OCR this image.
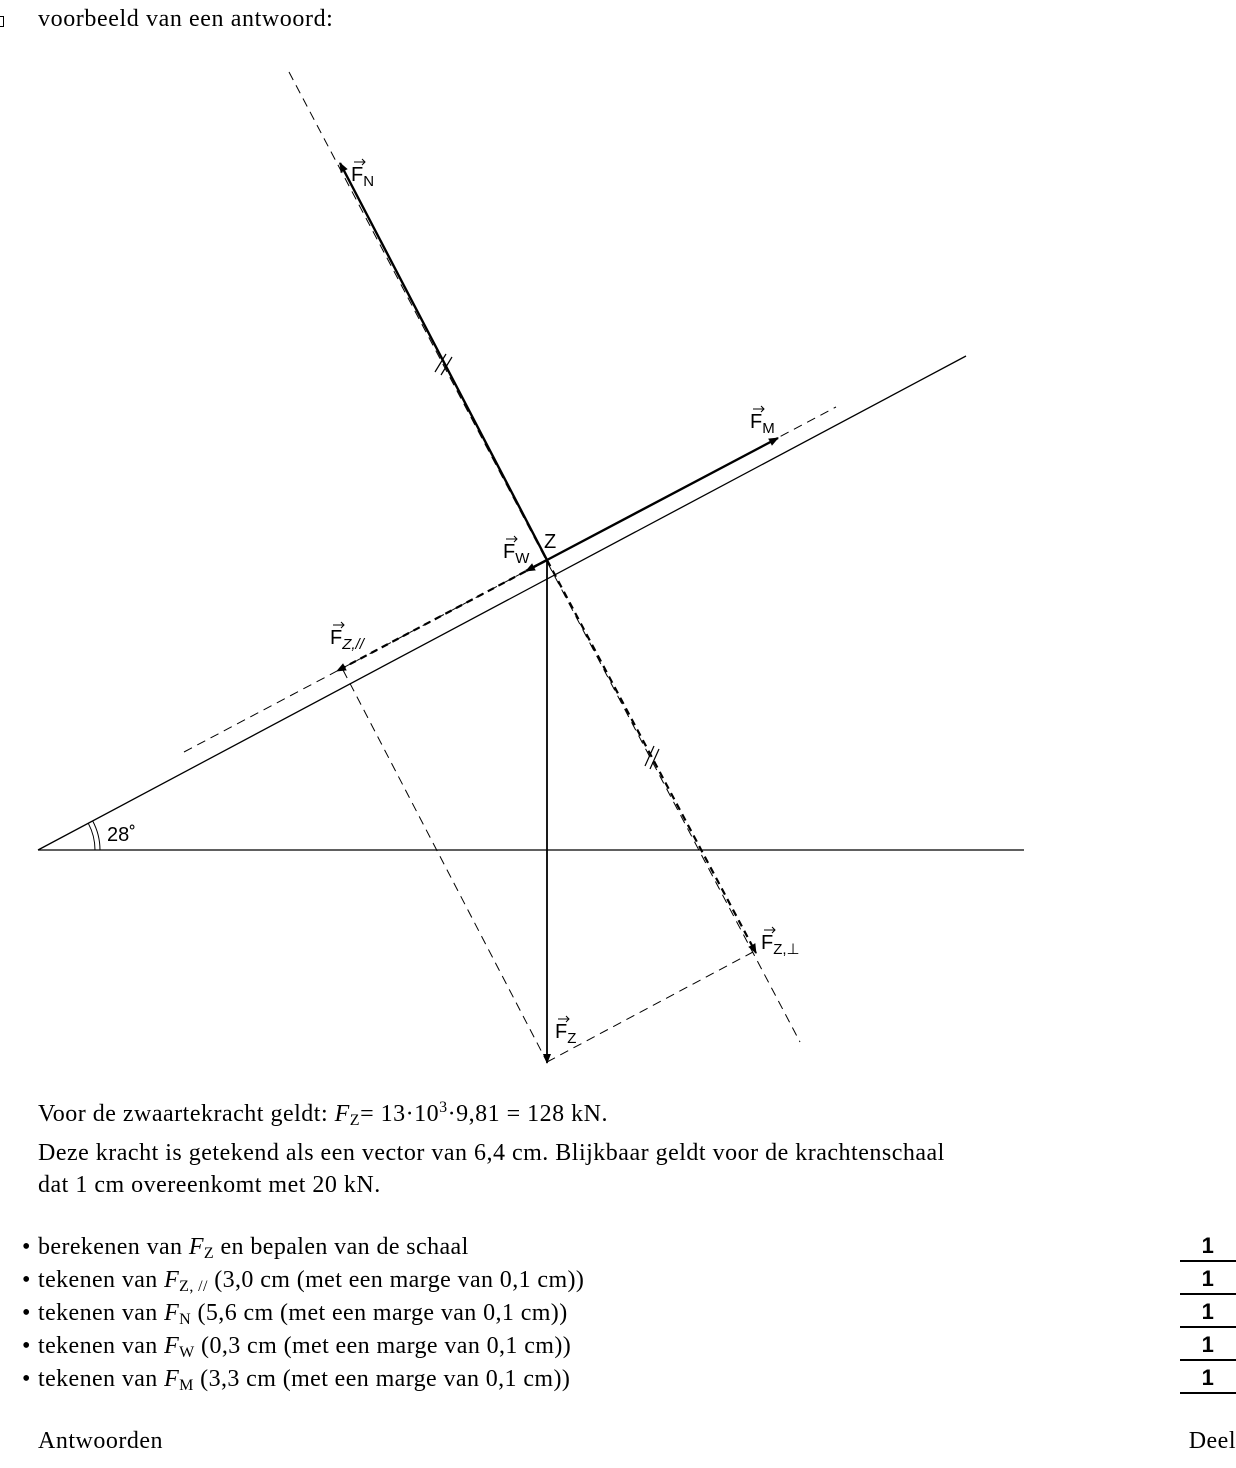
voorbeeld van een antwoord:
28˚
Z
FN
FM
FW
FZ,//
FZ,⊥
FZ
Voor de zwaartekracht geldt: $F_Z= 13\cdot 10^3\cdot 9,81 = 128$ kN.
Deze kracht is getekend als een vector van 6,4 cm. Blijkbaar geldt voor de krachtenschaal
dat 1 cm overeenkomt met 20 kN.
• berekenen van $F_Z$ en bepalen van de schaal	1
• tekenen van $F_{Z, //}$ (3,0 cm (met een marge van 0,1 cm))	1
• tekenen van $F_N$ (5,6 cm (met een marge van 0,1 cm))	1
• tekenen van $F_W$ (0,3 cm (met een marge van 0,1 cm))	1
• tekenen van $F_M$ (3,3 cm (met een marge van 0,1 cm))	1
Antwoorden	Deel
